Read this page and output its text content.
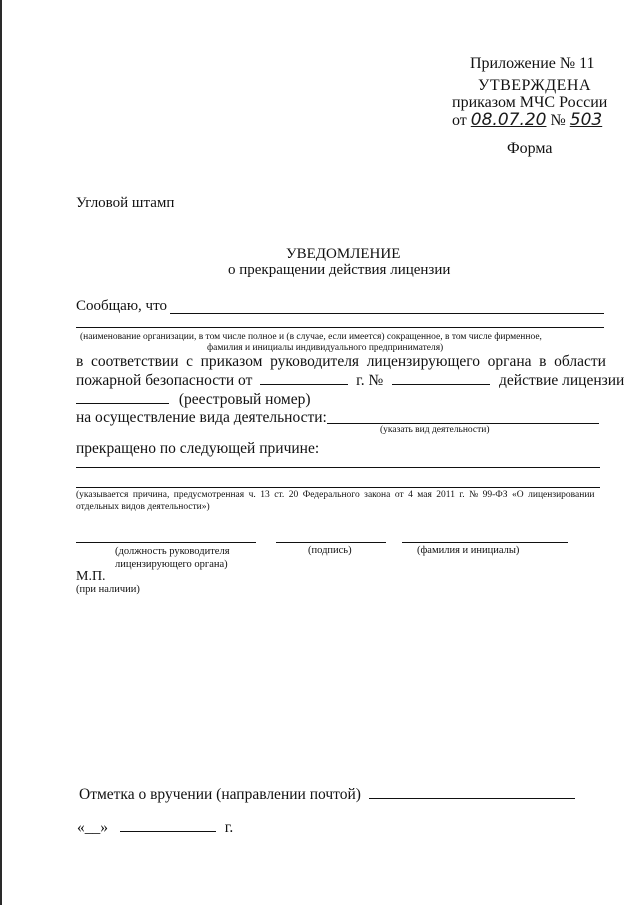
Приложение № 11
УТВЕРЖДЕНА
приказом МЧС России
от 08.07.20 № 503
Форма
Угловой штамп
УВЕДОМЛЕНИЕ
о прекращении действия лицензии
Сообщаю, что
(наименование организации, в том числе полное и (в случае, если имеется) сокращенное, в том числе фирменное,
фамилия и инициалы индивидуального предпринимателя)
в соответствии с приказом руководителя лицензирующего органа в области
пожарной безопасности от	г. №	действие лицензии
(реестровый номер)
на осуществление вида деятельности:
(указать вид деятельности)
прекращено по следующей причине:
(указывается причина, предусмотренная ч. 13 ст. 20 Федерального закона от 4 мая 2011 г. № 99-ФЗ «О лицензировании
отдельных видов деятельности»)
(должность руководителя
лицензирующего органа)
(подпись)	(фамилия и инициалы)
М.П.
(при наличии)
Отметка о вручении (направлении почтой)
«__»	г.
